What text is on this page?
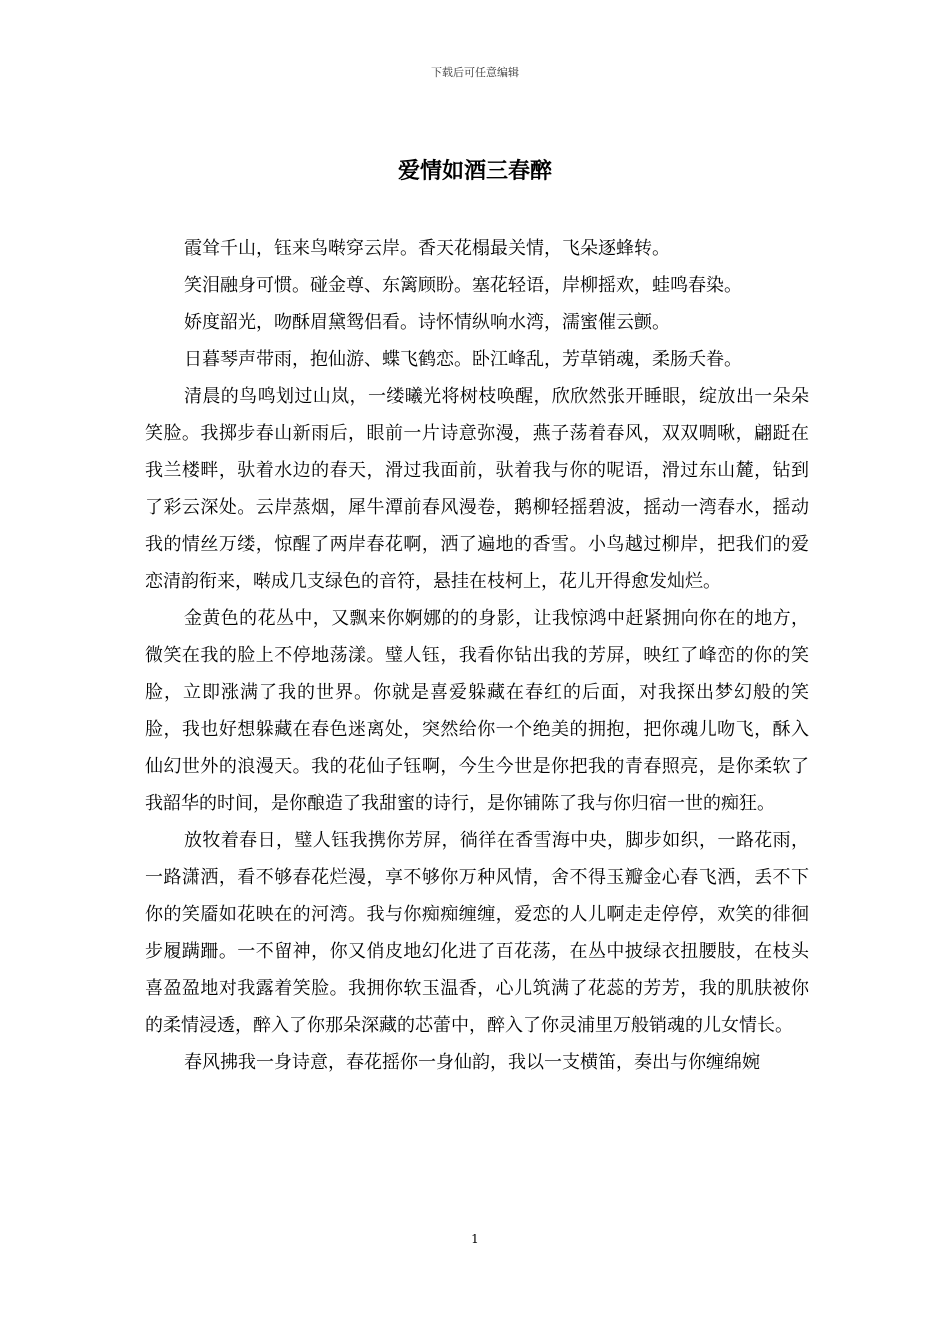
下载后可任意编辑
爱情如酒三春醉

霞耸千山，钰来鸟啭穿云岸。香天花榻最关情，飞朵逐蜂转。

笑泪融身可惯。碰金尊、东篱顾盼。塞花轻语，岸柳摇欢，蛙鸣春染。

娇度韶光，吻酥眉黛鸳侣看。诗怀情纵响水湾，濡蜜催云颤。

日暮琴声带雨，抱仙游、蝶飞鹤恋。卧江峰乱，芳草销魂，柔肠夭眷。

清晨的鸟鸣划过山岚，一缕曦光将树枝唤醒，欣欣然张开睡眼，绽放出一朵朵笑脸。我掷步春山新雨后，眼前一片诗意弥漫，燕子荡着春风，双双啁啾，翩跹在我兰楼畔，驮着水边的春天，滑过我面前，驮着我与你的呢语，滑过东山麓，钻到了彩云深处。云岸蒸烟，犀牛潭前春风漫卷，鹅柳轻摇碧波，摇动一湾春水，摇动我的情丝万缕，惊醒了两岸春花啊，洒了遍地的香雪。小鸟越过柳岸，把我们的爱恋清韵衔来，啭成几支绿色的音符，悬挂在枝柯上，花儿开得愈发灿烂。

金黄色的花丛中，又飘来你婀娜的的身影，让我惊鸿中赶紧拥向你在的地方，微笑在我的脸上不停地荡漾。璧人钰，我看你钻出我的芳屏，映红了峰峦的你的笑脸，立即涨满了我的世界。你就是喜爱躲藏在春红的后面，对我探出梦幻般的笑脸，我也好想躲藏在春色迷离处，突然给你一个绝美的拥抱，把你魂儿吻飞，酥入仙幻世外的浪漫天。我的花仙子钰啊，今生今世是你把我的青春照亮，是你柔软了我韶华的时间，是你酿造了我甜蜜的诗行，是你铺陈了我与你归宿一世的痴狂。

放牧着春日，璧人钰我携你芳屏，徜徉在香雪海中央，脚步如织，一路花雨，一路潇洒，看不够春花烂漫，享不够你万种风情，舍不得玉瓣金心春飞洒，丢不下你的笑靥如花映在的河湾。我与你痴痴缠缠，爱恋的人儿啊走走停停，欢笑的徘徊步履蹒跚。一不留神，你又俏皮地幻化进了百花荡，在丛中披绿衣扭腰肢，在枝头喜盈盈地对我露着笑脸。我拥你软玉温香，心儿筑满了花蕊的芳芳，我的肌肤被你的柔情浸透，醉入了你那朵深藏的芯蕾中，醉入了你灵浦里万般销魂的儿女情长。

春风拂我一身诗意，春花摇你一身仙韵，我以一支横笛，奏出与你缠绵婉

1
